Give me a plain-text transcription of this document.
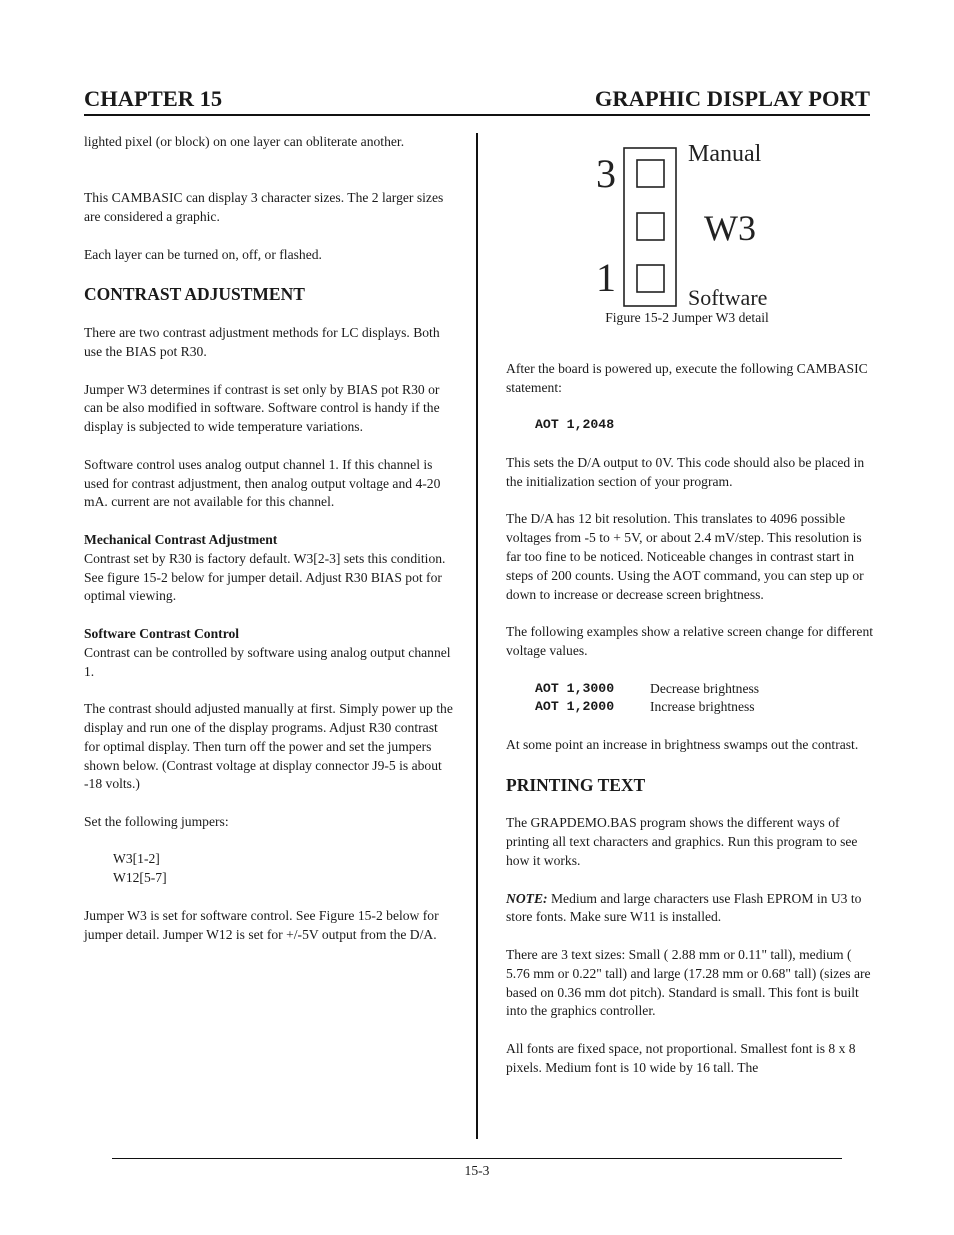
CHAPTER 15	GRAPHIC DISPLAY PORT

lighted pixel (or block) on one layer can obliterate another.

This CAMBASIC can display 3 character sizes. The 2 larger sizes are considered a graphic.

Each layer can be turned on, off, or flashed.

CONTRAST ADJUSTMENT

There are two contrast adjustment methods for LC displays. Both use the BIAS pot R30.

Jumper W3 determines if contrast is set only by BIAS pot R30 or can be also modified in software. Software control is handy if the display is subjected to wide temperature variations.

Software control uses analog output channel 1. If this channel is used for contrast adjustment, then analog output voltage and 4-20 mA. current are not available for this channel.

Mechanical Contrast Adjustment

Contrast set by R30 is factory default. W3[2-3] sets this condition. See figure 15-2 below for jumper detail. Adjust R30 BIAS pot for optimal viewing.

Software Contrast Control

Contrast can be controlled by software using analog output channel 1.

The contrast should adjusted manually at first. Simply power up the display and run one of the display programs. Adjust R30 contrast for optimal display. Then turn off the power and set the jumpers shown below. (Contrast voltage at display connector J9-5 is about -18 volts.)

Set the following jumpers:

W3[1-2]

W12[5-7]

Jumper W3 is set for software control. See Figure 15-2 below for jumper detail. Jumper W12 is set for +/-5V output from the D/A.

3
1
Manual
W3
Software
Figure 15-2 Jumper W3 detail

After the board is powered up, execute the following CAMBASIC statement:

AOT 1,2048

This sets the D/A output to 0V. This code should also be placed in the initialization section of your program.

The D/A has 12 bit resolution. This translates to 4096 possible voltages from -5 to + 5V, or about 2.4 mV/step. This resolution is far too fine to be noticed. Noticeable changes in contrast start in steps of 200 counts. Using the AOT command, you can step up or down to increase or decrease screen brightness.

The following examples show a relative screen change for different voltage values.

AOT 1,3000	Decrease brightness
AOT 1,2000	Increase brightness

At some point an increase in brightness swamps out the contrast.

PRINTING TEXT

The GRAPDEMO.BAS program shows the different ways of printing all text characters and graphics. Run this program to see how it works.

NOTE: Medium and large characters use Flash EPROM in U3 to store fonts. Make sure W11 is installed.

There are 3 text sizes: Small ( 2.88 mm or 0.11" tall), medium ( 5.76 mm or 0.22" tall) and large (17.28 mm or 0.68" tall) (sizes are based on 0.36 mm dot pitch). Standard is small. This font is built into the graphics controller.

All fonts are fixed space, not proportional. Smallest font is 8 x 8 pixels. Medium font is 10 wide by 16 tall. The

15-3
